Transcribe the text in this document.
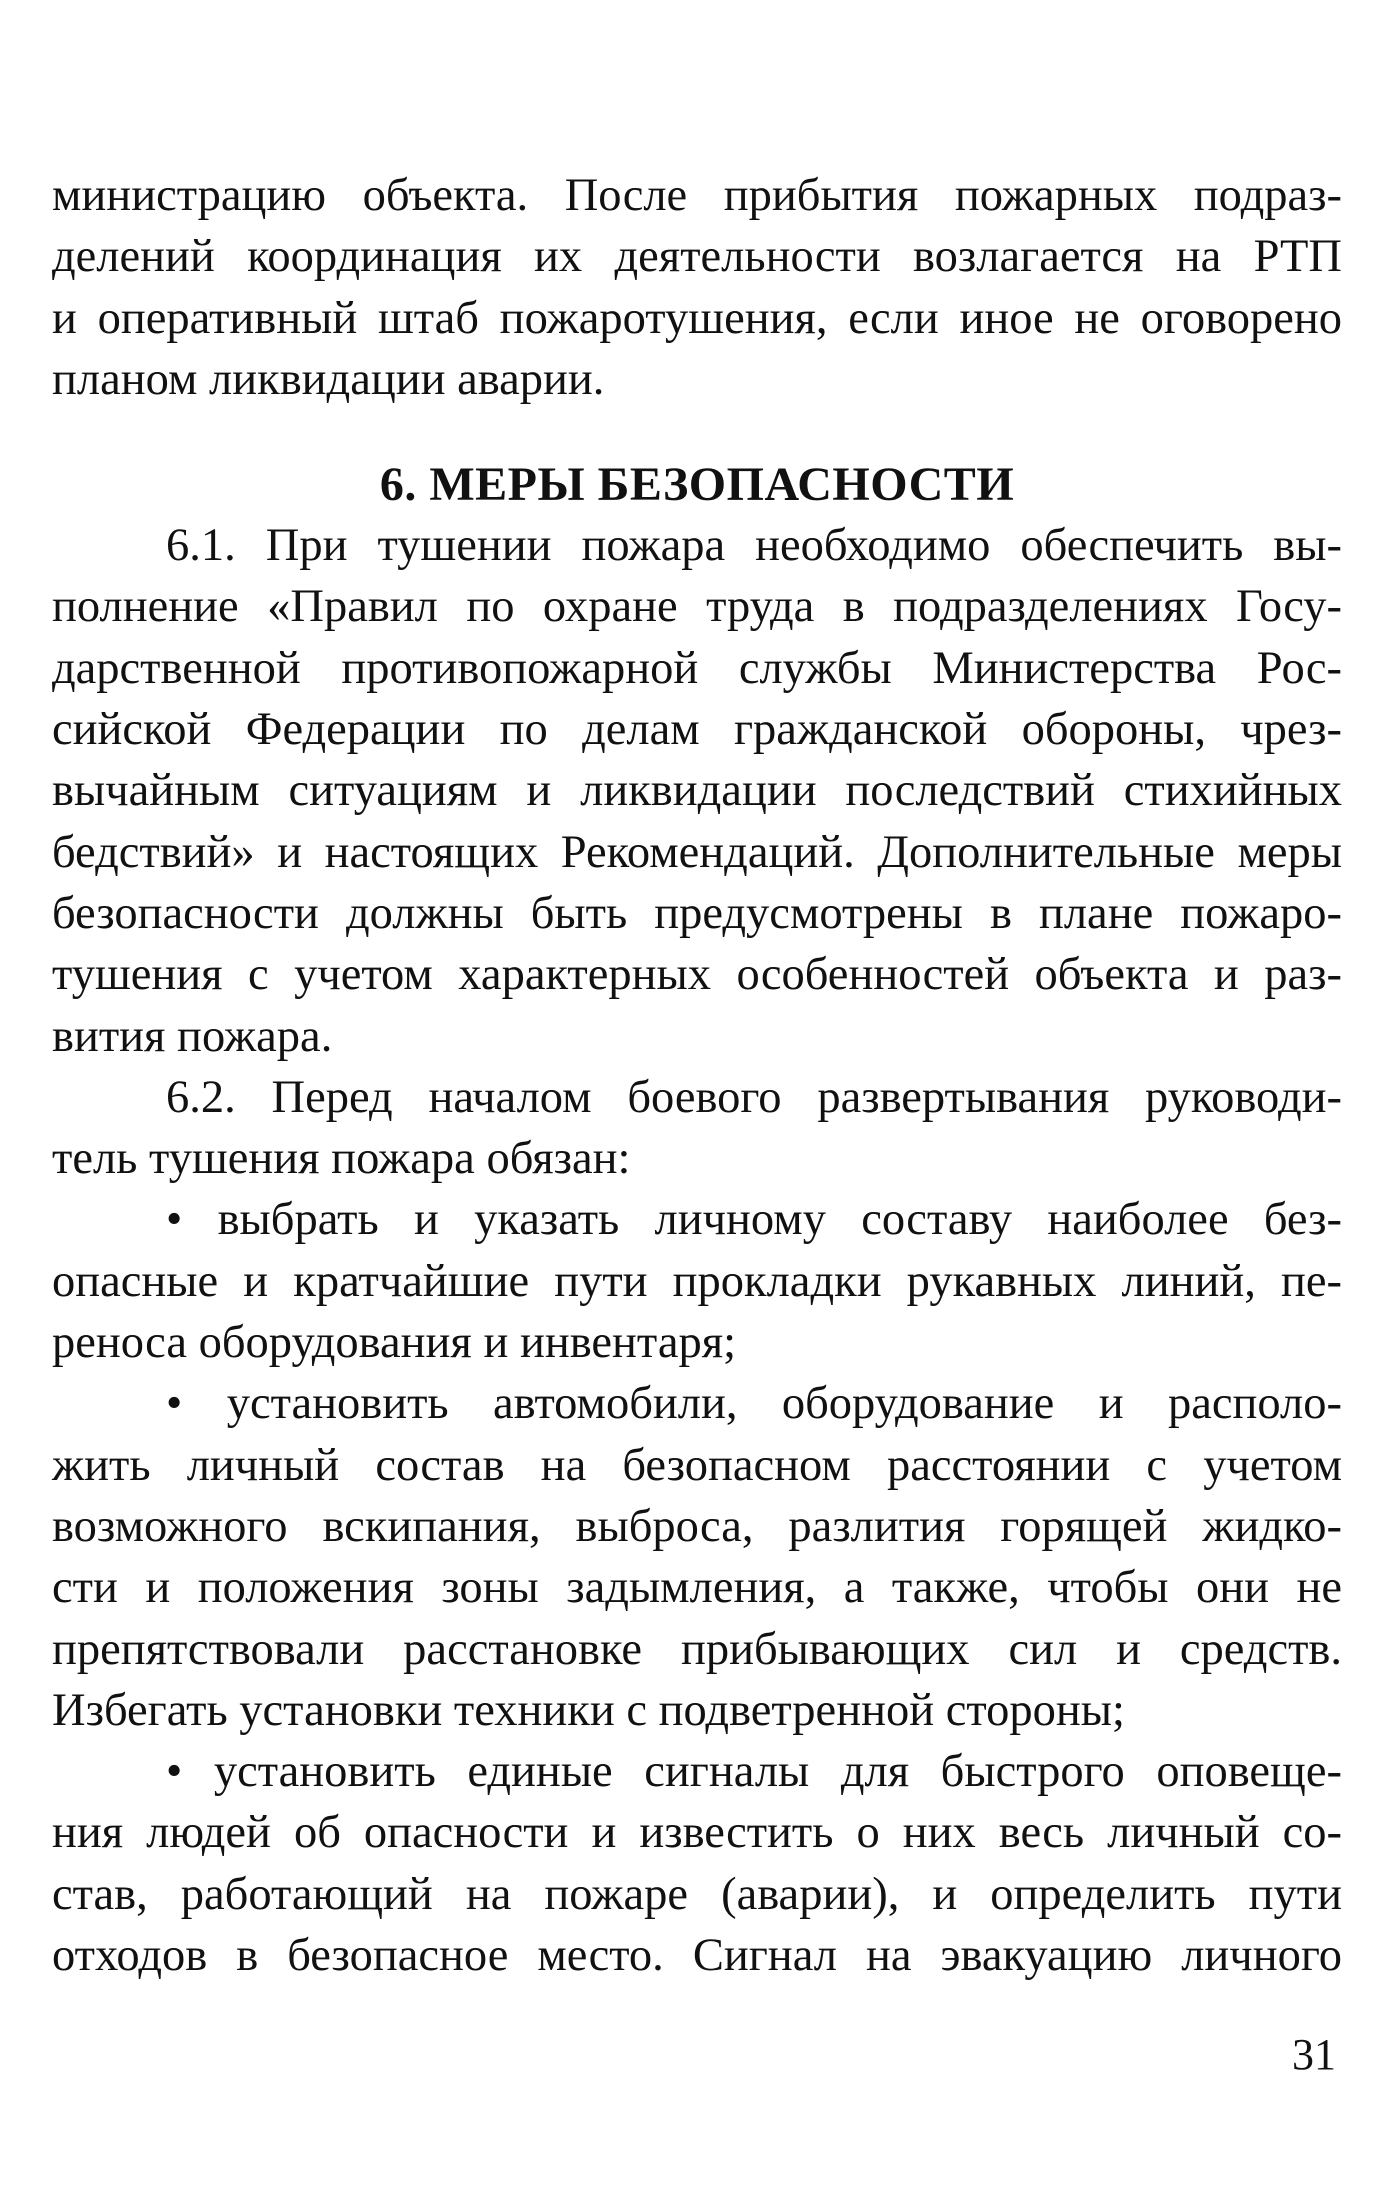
министрацию объекта. После прибытия пожарных подраз-
делений координация их деятельности возлагается на РТП
и оперативный штаб пожаротушения, если иное не оговорено
планом ликвидации аварии.
6. МЕРЫ БЕЗОПАСНОСТИ
6.1. При тушении пожара необходимо обеспечить вы-
полнение «Правил по охране труда в подразделениях Госу-
дарственной противопожарной службы Министерства Рос-
сийской Федерации по делам гражданской обороны, чрез-
вычайным ситуациям и ликвидации последствий стихийных
бедствий» и настоящих Рекомендаций. Дополнительные меры
безопасности должны быть предусмотрены в плане пожаро-
тушения с учетом характерных особенностей объекта и раз-
вития пожара.
6.2. Перед началом боевого развертывания руководи-
тель тушения пожара обязан:
• выбрать и указать личному составу наиболее без-
опасные и кратчайшие пути прокладки рукавных линий, пе-
реноса оборудования и инвентаря;
• установить автомобили, оборудование и располо-
жить личный состав на безопасном расстоянии с учетом
возможного вскипания, выброса, разлития горящей жидко-
сти и положения зоны задымления, а также, чтобы они не
препятствовали расстановке прибывающих сил и средств.
Избегать установки техники с подветренной стороны;
• установить единые сигналы для быстрого оповеще-
ния людей об опасности и известить о них весь личный со-
став, работающий на пожаре (аварии), и определить пути
отходов в безопасное место. Сигнал на эвакуацию личного
31
